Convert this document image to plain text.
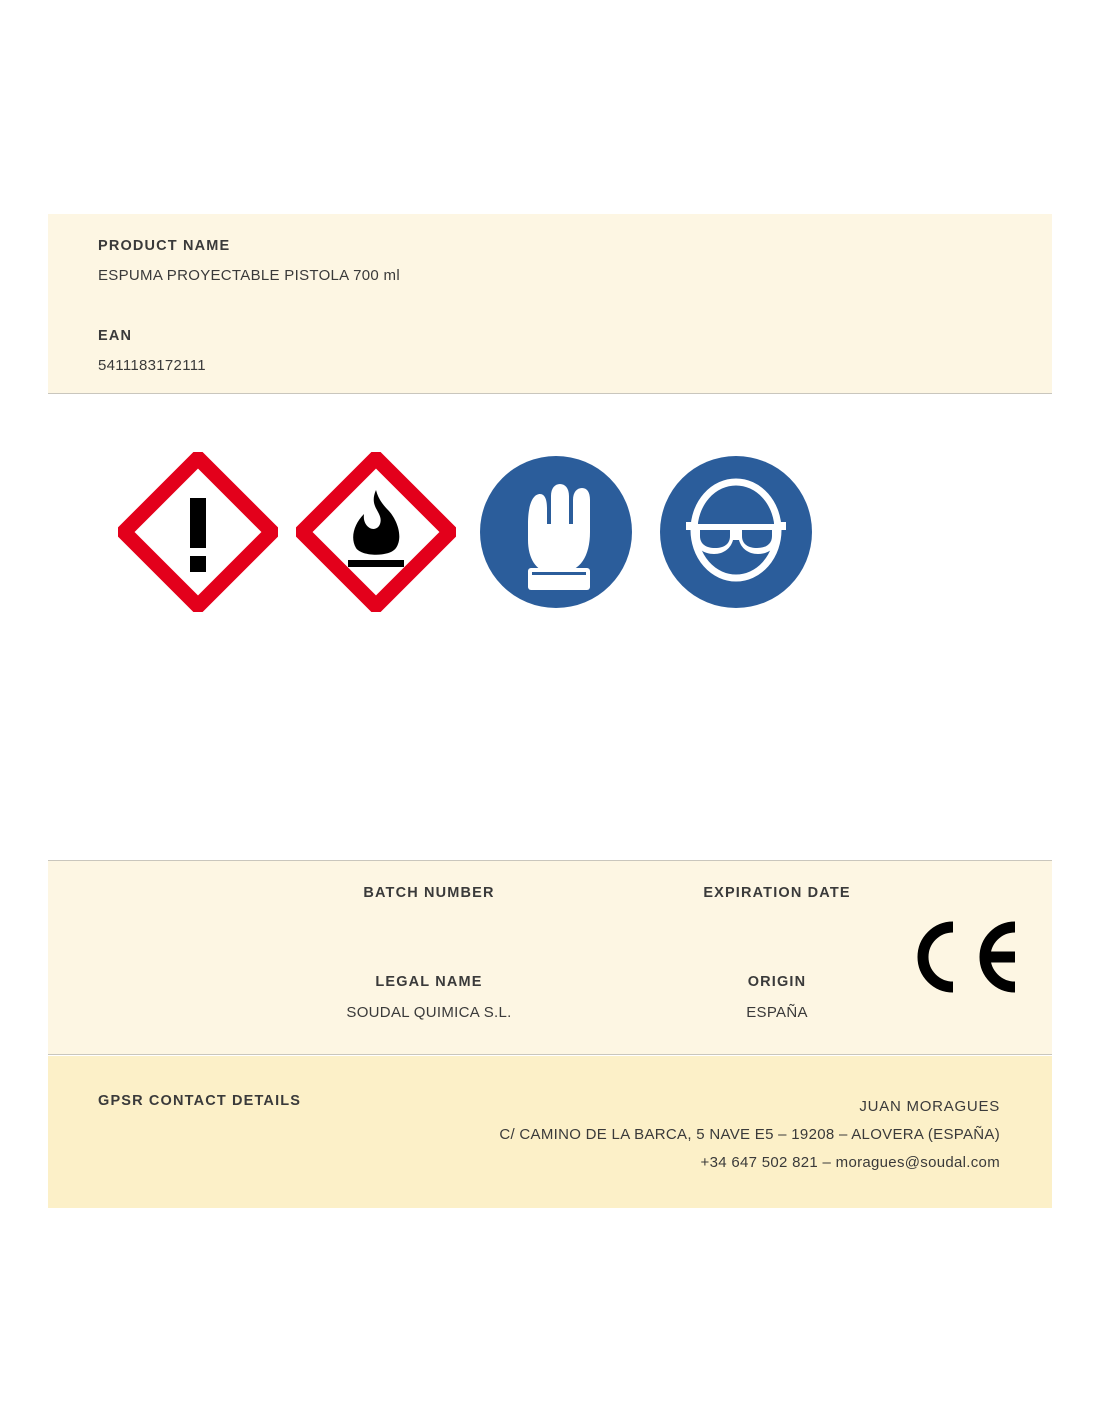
PRODUCT NAME
ESPUMA PROYECTABLE PISTOLA 700 ml
EAN
5411183172111
BATCH NUMBER	EXPIRATION DATE
LEGAL NAME
SOUDAL QUIMICA S.L.
ORIGIN
ESPAÑA
GPSR CONTACT DETAILS	JUAN MORAGUES
C/ CAMINO DE LA BARCA, 5 NAVE E5 – 19208 – ALOVERA (ESPAÑA)
+34 647 502 821 – moragues@soudal.com
